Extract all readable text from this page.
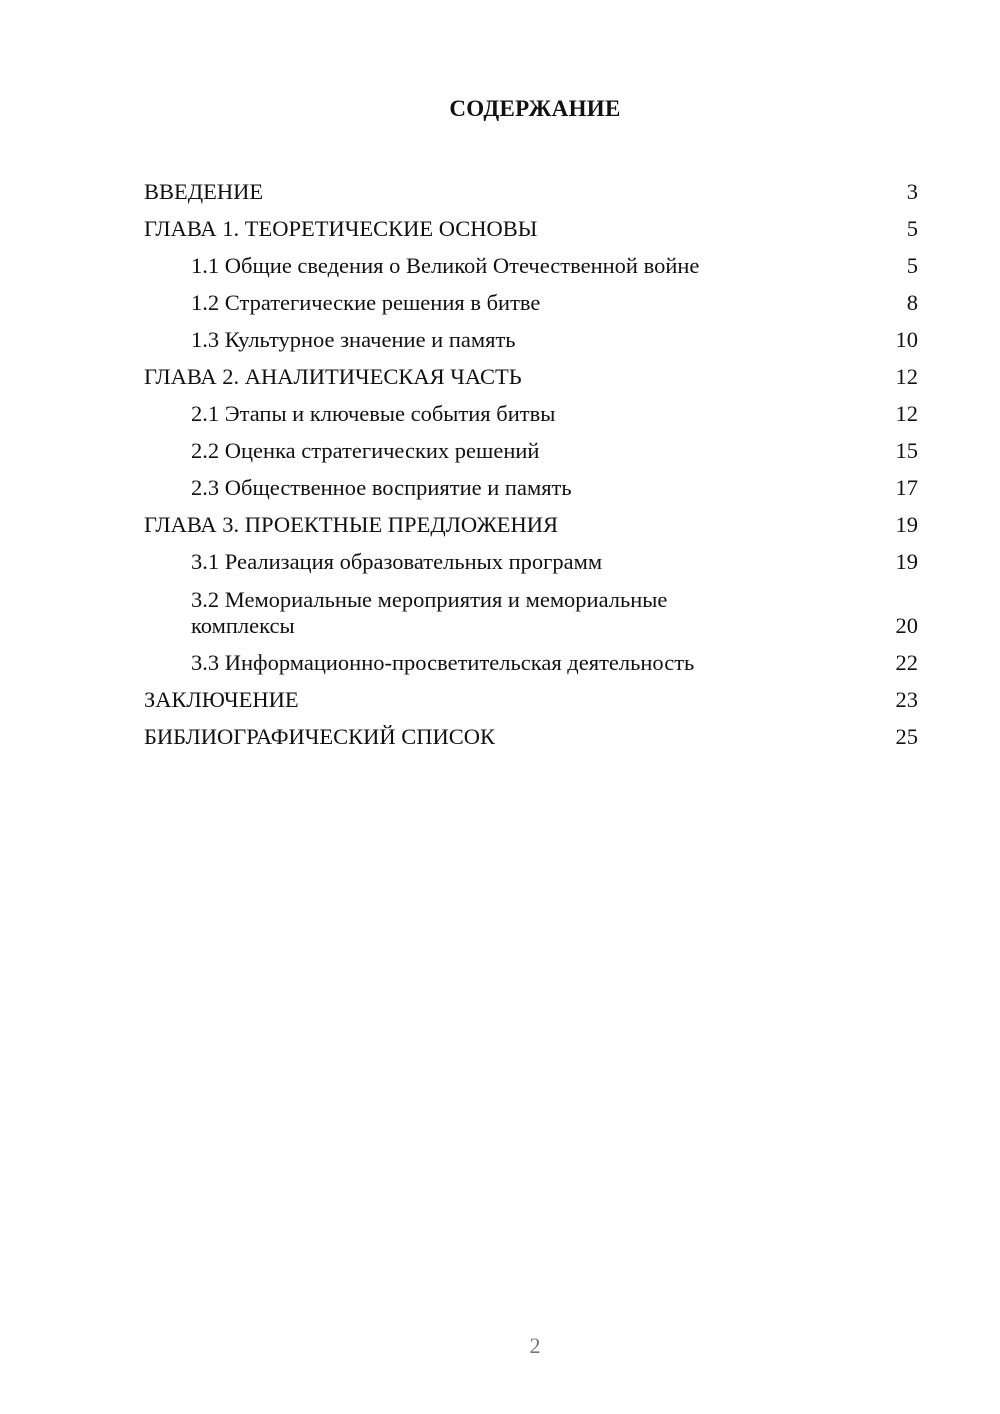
СОДЕРЖАНИЕ
ВВЕДЕНИЕ	3
ГЛАВА 1. ТЕОРЕТИЧЕСКИЕ ОСНОВЫ	5
1.1 Общие сведения о Великой Отечественной войне	5
1.2 Стратегические решения в битве	8
1.3 Культурное значение и память	10
ГЛАВА 2. АНАЛИТИЧЕСКАЯ ЧАСТЬ	12
2.1 Этапы и ключевые события битвы	12
2.2 Оценка стратегических решений	15
2.3 Общественное восприятие и память	17
ГЛАВА 3. ПРОЕКТНЫЕ ПРЕДЛОЖЕНИЯ	19
3.1 Реализация образовательных программ	19
3.2 Мемориальные мероприятия и мемориальные комплексы	20
3.3 Информационно-просветительская деятельность	22
ЗАКЛЮЧЕНИЕ	23
БИБЛИОГРАФИЧЕСКИЙ СПИСОК	25
2
